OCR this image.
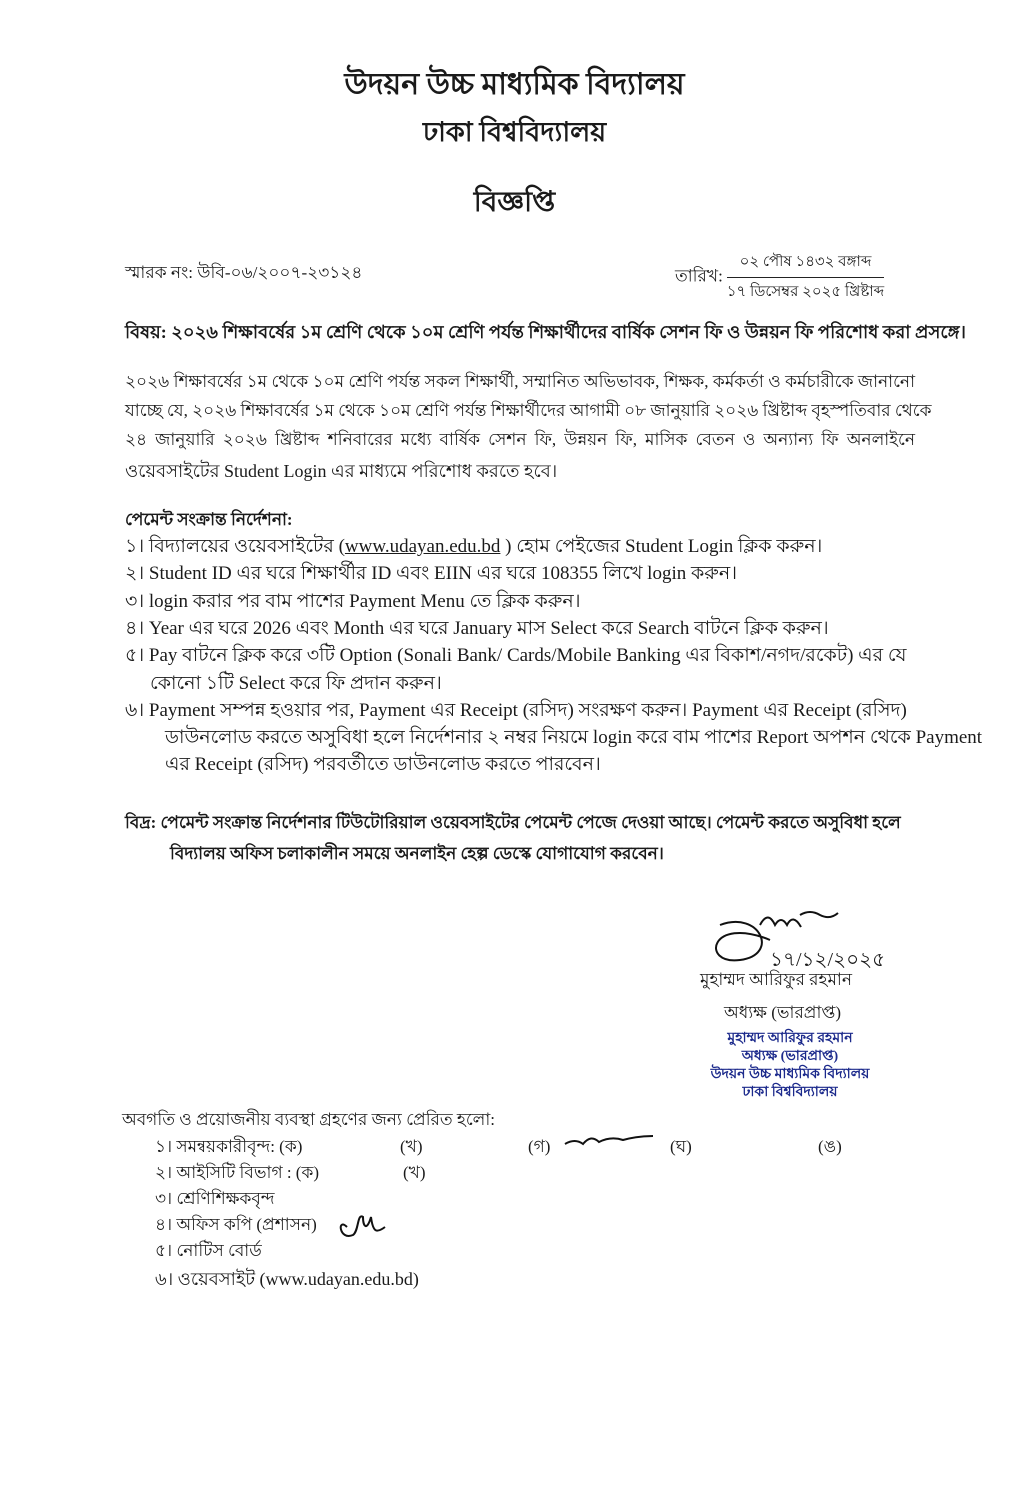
উদয়ন উচ্চ মাধ্যমিক বিদ্যালয়
ঢাকা বিশ্ববিদ্যালয়
বিজ্ঞপ্তি
স্মারক নং: উবি-০৬/২০০৭-২৩১২৪	তারিখ: $\frac{\text{০২ পৌষ ১৪৩২ বঙ্গাব্দ}}{\text{১৭ ডিসেম্বর ২০২৫ খ্রিষ্টাব্দ}}$
বিষয়: ২০২৬ শিক্ষাবর্ষের ১ম শ্রেণি থেকে ১০ম শ্রেণি পর্যন্ত শিক্ষার্থীদের বার্ষিক সেশন ফি ও উন্নয়ন ফি পরিশোধ করা প্রসঙ্গে।
২০২৬ শিক্ষাবর্ষের ১ম থেকে ১০ম শ্রেণি পর্যন্ত সকল শিক্ষার্থী, সম্মানিত অভিভাবক, শিক্ষক, কর্মকর্তা ও কর্মচারীকে জানানো
যাচ্ছে যে, ২০২৬ শিক্ষাবর্ষের ১ম থেকে ১০ম শ্রেণি পর্যন্ত শিক্ষার্থীদের আগামী ০৮ জানুয়ারি ২০২৬ খ্রিষ্টাব্দ বৃহস্পতিবার থেকে
২৪ জানুয়ারি ২০২৬ খ্রিষ্টাব্দ শনিবারের মধ্যে বার্ষিক সেশন ফি, উন্নয়ন ফি, মাসিক বেতন ও অন্যান্য ফি অনলাইনে
ওয়েবসাইটের Student Login এর মাধ্যমে পরিশোধ করতে হবে।
পেমেন্ট সংক্রান্ত নির্দেশনা:
১। বিদ্যালয়ের ওয়েবসাইটের (www.udayan.edu.bd ) হোম পেইজের Student Login ক্লিক করুন।
২। Student ID এর ঘরে শিক্ষার্থীর ID এবং EIIN এর ঘরে 108355 লিখে login করুন।
৩। login করার পর বাম পাশের Payment Menu তে ক্লিক করুন।
৪। Year এর ঘরে 2026 এবং Month এর ঘরে January মাস Select করে Search বাটনে ক্লিক করুন।
৫। Pay বাটনে ক্লিক করে ৩টি Option (Sonali Bank/ Cards/Mobile Banking এর বিকাশ/নগদ/রকেট) এর যে
কোনো ১টি Select করে ফি প্রদান করুন।
৬। Payment সম্পন্ন হওয়ার পর, Payment এর Receipt (রসিদ) সংরক্ষণ করুন। Payment এর Receipt (রসিদ)
ডাউনলোড করতে অসুবিধা হলে নির্দেশনার ২ নম্বর নিয়মে login করে বাম পাশের Report অপশন থেকে Payment
এর Receipt (রসিদ) পরবর্তীতে ডাউনলোড করতে পারবেন।
বিদ্র: পেমেন্ট সংক্রান্ত নির্দেশনার টিউটোরিয়াল ওয়েবসাইটের পেমেন্ট পেজে দেওয়া আছে। পেমেন্ট করতে অসুবিধা হলে
বিদ্যালয় অফিস চলাকালীন সময়ে অনলাইন হেল্প ডেস্কে যোগাযোগ করবেন।
১৭/১২/২০২৫
মুহাম্মদ আরিফুর রহমান
অধ্যক্ষ (ভারপ্রাপ্ত)
মুহাম্মদ আরিফুর রহমান
অধ্যক্ষ (ভারপ্রাপ্ত)
উদয়ন উচ্চ মাধ্যমিক বিদ্যালয়
ঢাকা বিশ্ববিদ্যালয়
অবগতি ও প্রয়োজনীয় ব্যবস্থা গ্রহণের জন্য প্রেরিত হলো:
১। সমন্বয়কারীবৃন্দ: (ক)	(খ)	(গ)	(ঘ)	(ঙ)
২। আইসিটি বিভাগ : (ক)	(খ)
৩। শ্রেণিশিক্ষকবৃন্দ
৪। অফিস কপি (প্রশাসন)
৫। নোটিস বোর্ড
৬। ওয়েবসাইট (www.udayan.edu.bd)
